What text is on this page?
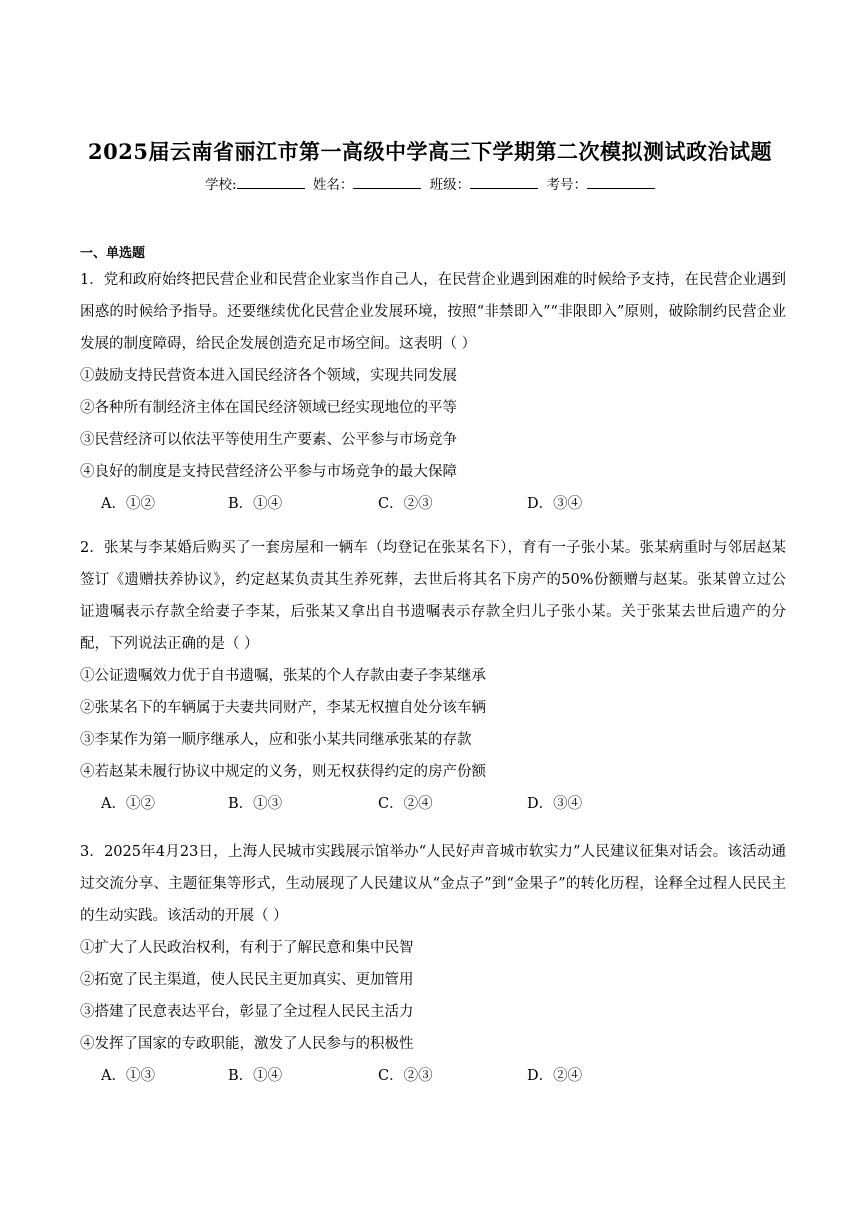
2025届云南省丽江市第一高级中学高三下学期第二次模拟测试政治试题
学校:	姓名：	班级：	考号：
一、单选题
1．党和政府始终把民营企业和民营企业家当作自己人，在民营企业遇到困难的时候给予支持，在民营企业遇到困惑的时候给予指导。还要继续优化民营企业发展环境，按照“非禁即入”“非限即入”原则，破除制约民营企业发展的制度障碍，给民企发展创造充足市场空间。这表明（ ）
①鼓励支持民营资本进入国民经济各个领域，实现共同发展
②各种所有制经济主体在国民经济领域已经实现地位的平等
③民营经济可以依法平等使用生产要素、公平参与市场竞争
④良好的制度是支持民营经济公平参与市场竞争的最大保障
A．①②	B．①④	C．②③	D．③④
2．张某与李某婚后购买了一套房屋和一辆车（均登记在张某名下），育有一子张小某。张某病重时与邻居赵某签订《遗赠扶养协议》，约定赵某负责其生养死葬，去世后将其名下房产的50%份额赠与赵某。张某曾立过公证遗嘱表示存款全给妻子李某，后张某又拿出自书遗嘱表示存款全归儿子张小某。关于张某去世后遗产的分配，下列说法正确的是（ ）
①公证遗嘱效力优于自书遗嘱，张某的个人存款由妻子李某继承
②张某名下的车辆属于夫妻共同财产，李某无权擅自处分该车辆
③李某作为第一顺序继承人，应和张小某共同继承张某的存款
④若赵某未履行协议中规定的义务，则无权获得约定的房产份额
A．①②	B．①③	C．②④	D．③④
3．2025年4月23日，上海人民城市实践展示馆举办“人民好声音城市软实力”人民建议征集对话会。该活动通过交流分享、主题征集等形式，生动展现了人民建议从“金点子”到“金果子”的转化历程，诠释全过程人民民主的生动实践。该活动的开展（ ）
①扩大了人民政治权利，有利于了解民意和集中民智
②拓宽了民主渠道，使人民民主更加真实、更加管用
③搭建了民意表达平台，彰显了全过程人民民主活力
④发挥了国家的专政职能，激发了人民参与的积极性
A．①③	B．①④	C．②③	D．②④
